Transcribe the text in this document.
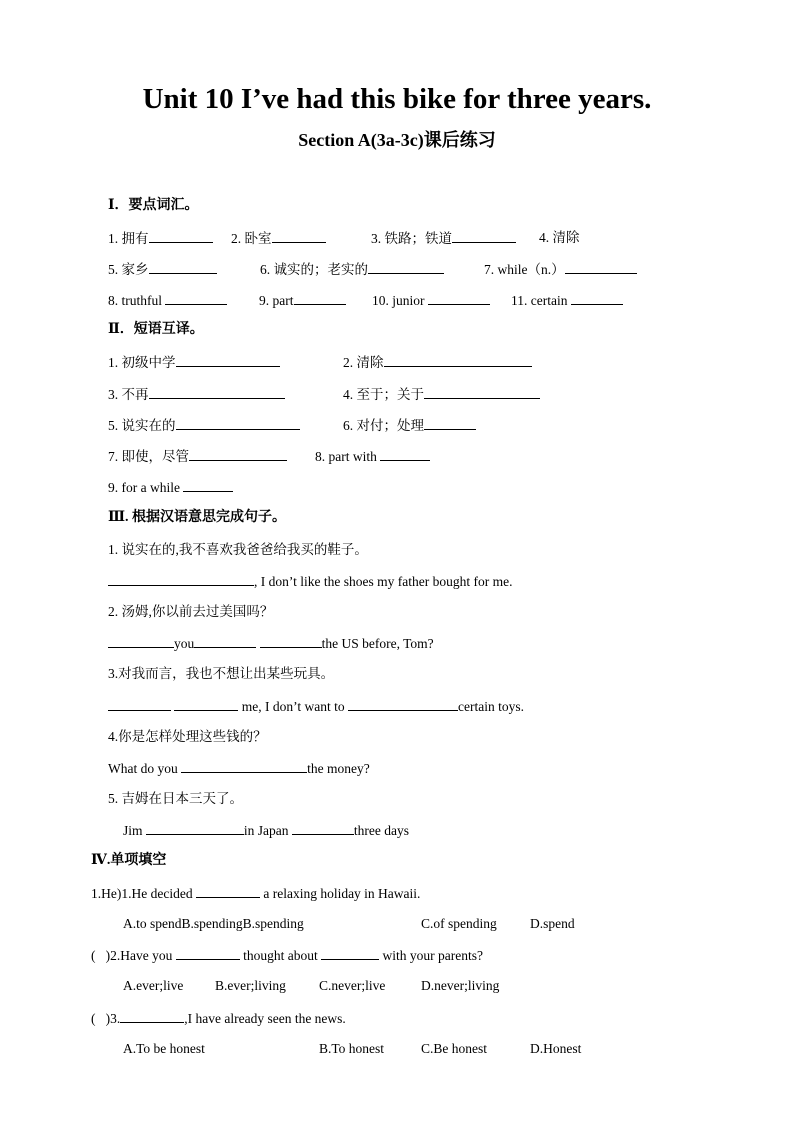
Unit 10 I’ve had this bike for three years.
Section A(3a-3c)课后练习
Ⅰ．要点词汇。
1. 拥有	2. 卧室	3. 铁路；铁道	4. 清除
5. 家乡	6. 诚实的；老实的	7. while（n.）
8. truthful	9. part	10. junior	11. certain
Ⅱ．短语互译。
1. 初级中学	2. 清除
3. 不再	4. 至于；关于
5. 说实在的	6. 对付；处理
7. 即使，尽管	8. part with
9. for a while
Ⅲ. 根据汉语意思完成句子。
1. 说实在的,我不喜欢我爸爸给我买的鞋子。
, I don’t like the shoes my father bought for me.
2. 汤姆,你以前去过美国吗？
you	the US before, Tom?
3.对我而言，我也不想让出某些玩具。
me, I don’t want to	certain toys.
4.你是怎样处理这些钱的？
What do you	the money?
5. 吉姆在日本三天了。
Jim	in Japan	three days
Ⅳ.单项填空
1.He)1.He decided	a relaxing holiday in Hawaii.
A.to spendB.spendingB.spending	C.of spending D.spend
( )2.Have you	thought about	with your parents?
A.ever;live B.ever;living C.never;live	D.never;living
( )3.	,I have already seen the news.
A.To be honest	B.To honest	C.Be honest	D.Honest
